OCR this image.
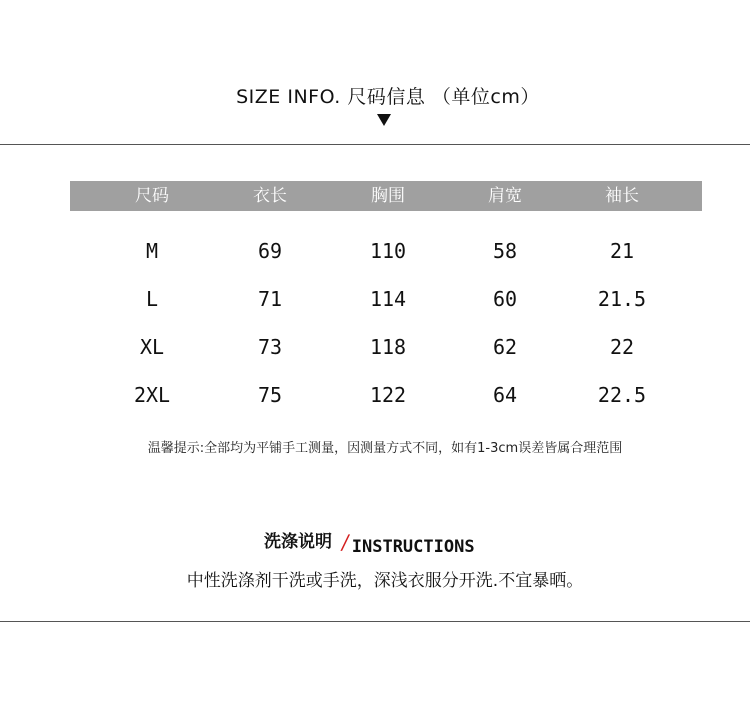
SIZE INFO. 尺码信息 （单位cm）
尺码	衣长	胸围	肩宽	袖长
M	69	110	58	21
L	71	114	60	21.5
XL	73	118	62	22
2XL	75	122	64	22.5
温馨提示:全部均为平铺手工测量，因测量方式不同，如有1-3cm误差皆属合理范围
洗涤说明 /INSTRUCTIONS
中性洗涤剂干洗或手洗，深浅衣服分开洗.不宜暴晒。
